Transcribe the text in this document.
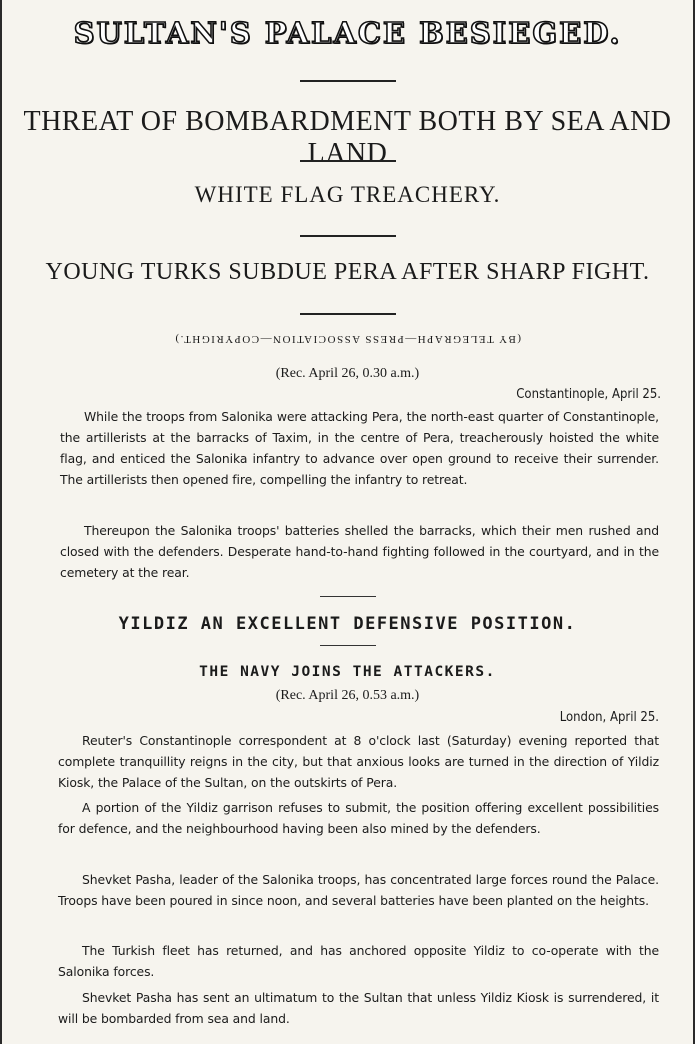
SULTAN'S PALACE BESIEGED.
THREAT OF BOMBARDMENT BOTH BY SEA AND LAND
WHITE FLAG TREACHERY.
YOUNG TURKS SUBDUE PERA AFTER SHARP FIGHT.
(BY TELEGRAPH—PRESS ASSOCIATION—COPYRIGHT.)
(Rec. April 26, 0.30 a.m.)
Constantinople, April 25.
While the troops from Salonika were attacking Pera, the north-east quarter of Constantinople, the artillerists at the barracks of Taxim, in the centre of Pera, treacherously hoisted the white flag, and enticed the Salonika infantry to advance over open ground to receive their surrender. The artillerists then opened fire, compelling the infantry to retreat.
Thereupon the Salonika troops' batteries shelled the barracks, which their men rushed and closed with the defenders. Desperate hand-to-hand fighting followed in the courtyard, and in the cemetery at the rear.
YILDIZ AN EXCELLENT DEFENSIVE POSITION.
THE NAVY JOINS THE ATTACKERS.
(Rec. April 26, 0.53 a.m.)
London, April 25.
Reuter's Constantinople correspondent at 8 o'clock last (Saturday) evening reported that complete tranquillity reigns in the city, but that anxious looks are turned in the direction of Yildiz Kiosk, the Palace of the Sultan, on the outskirts of Pera.
A portion of the Yildiz garrison refuses to submit, the position offering excellent possibilities for defence, and the neighbourhood having been also mined by the defenders.
Shevket Pasha, leader of the Salonika troops, has concentrated large forces round the Palace. Troops have been poured in since noon, and several batteries have been planted on the heights.
The Turkish fleet has returned, and has anchored opposite Yildiz to co-operate with the Salonika forces.
Shevket Pasha has sent an ultimatum to the Sultan that unless Yildiz Kiosk is surrendered, it will be bombarded from sea and land.
